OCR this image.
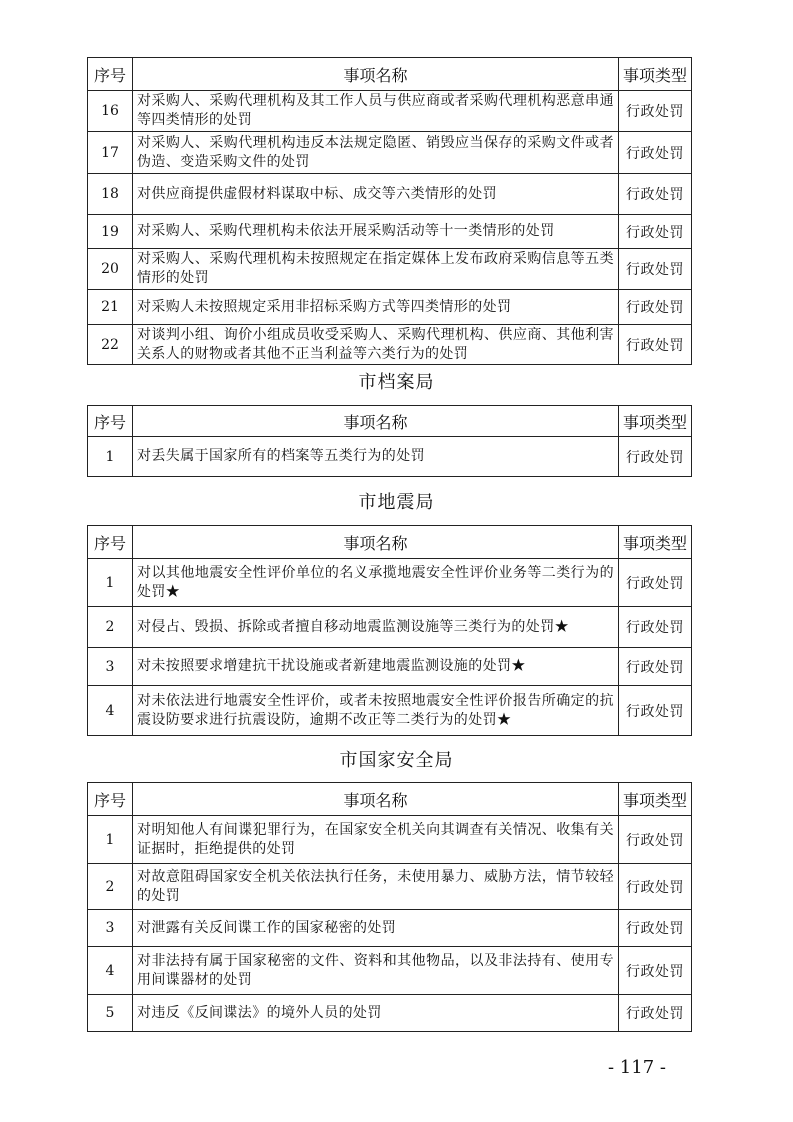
序号	事项名称	事项类型
16	对采购人、采购代理机构及其工作人员与供应商或者采购代理机构恶意串通等四类情形的处罚	行政处罚
17	对采购人、采购代理机构违反本法规定隐匿、销毁应当保存的采购文件或者伪造、变造采购文件的处罚	行政处罚
18	对供应商提供虚假材料谋取中标、成交等六类情形的处罚	行政处罚
19	对采购人、采购代理机构未依法开展采购活动等十一类情形的处罚	行政处罚
20	对采购人、采购代理机构未按照规定在指定媒体上发布政府采购信息等五类情形的处罚	行政处罚
21	对采购人未按照规定采用非招标采购方式等四类情形的处罚	行政处罚
22	对谈判小组、询价小组成员收受采购人、采购代理机构、供应商、其他利害关系人的财物或者其他不正当利益等六类行为的处罚	行政处罚
市档案局
序号	事项名称	事项类型
1	对丢失属于国家所有的档案等五类行为的处罚	行政处罚
市地震局
序号	事项名称	事项类型
1	对以其他地震安全性评价单位的名义承揽地震安全性评价业务等二类行为的处罚★	行政处罚
2	对侵占、毁损、拆除或者擅自移动地震监测设施等三类行为的处罚★	行政处罚
3	对未按照要求增建抗干扰设施或者新建地震监测设施的处罚★	行政处罚
4	对未依法进行地震安全性评价，或者未按照地震安全性评价报告所确定的抗震设防要求进行抗震设防，逾期不改正等二类行为的处罚★	行政处罚
市国家安全局
序号	事项名称	事项类型
1	对明知他人有间谍犯罪行为，在国家安全机关向其调查有关情况、收集有关证据时，拒绝提供的处罚	行政处罚
2	对故意阻碍国家安全机关依法执行任务，未使用暴力、威胁方法，情节较轻的处罚	行政处罚
3	对泄露有关反间谍工作的国家秘密的处罚	行政处罚
4	对非法持有属于国家秘密的文件、资料和其他物品，以及非法持有、使用专用间谍器材的处罚	行政处罚
5	对违反《反间谍法》的境外人员的处罚	行政处罚
- 117 -
